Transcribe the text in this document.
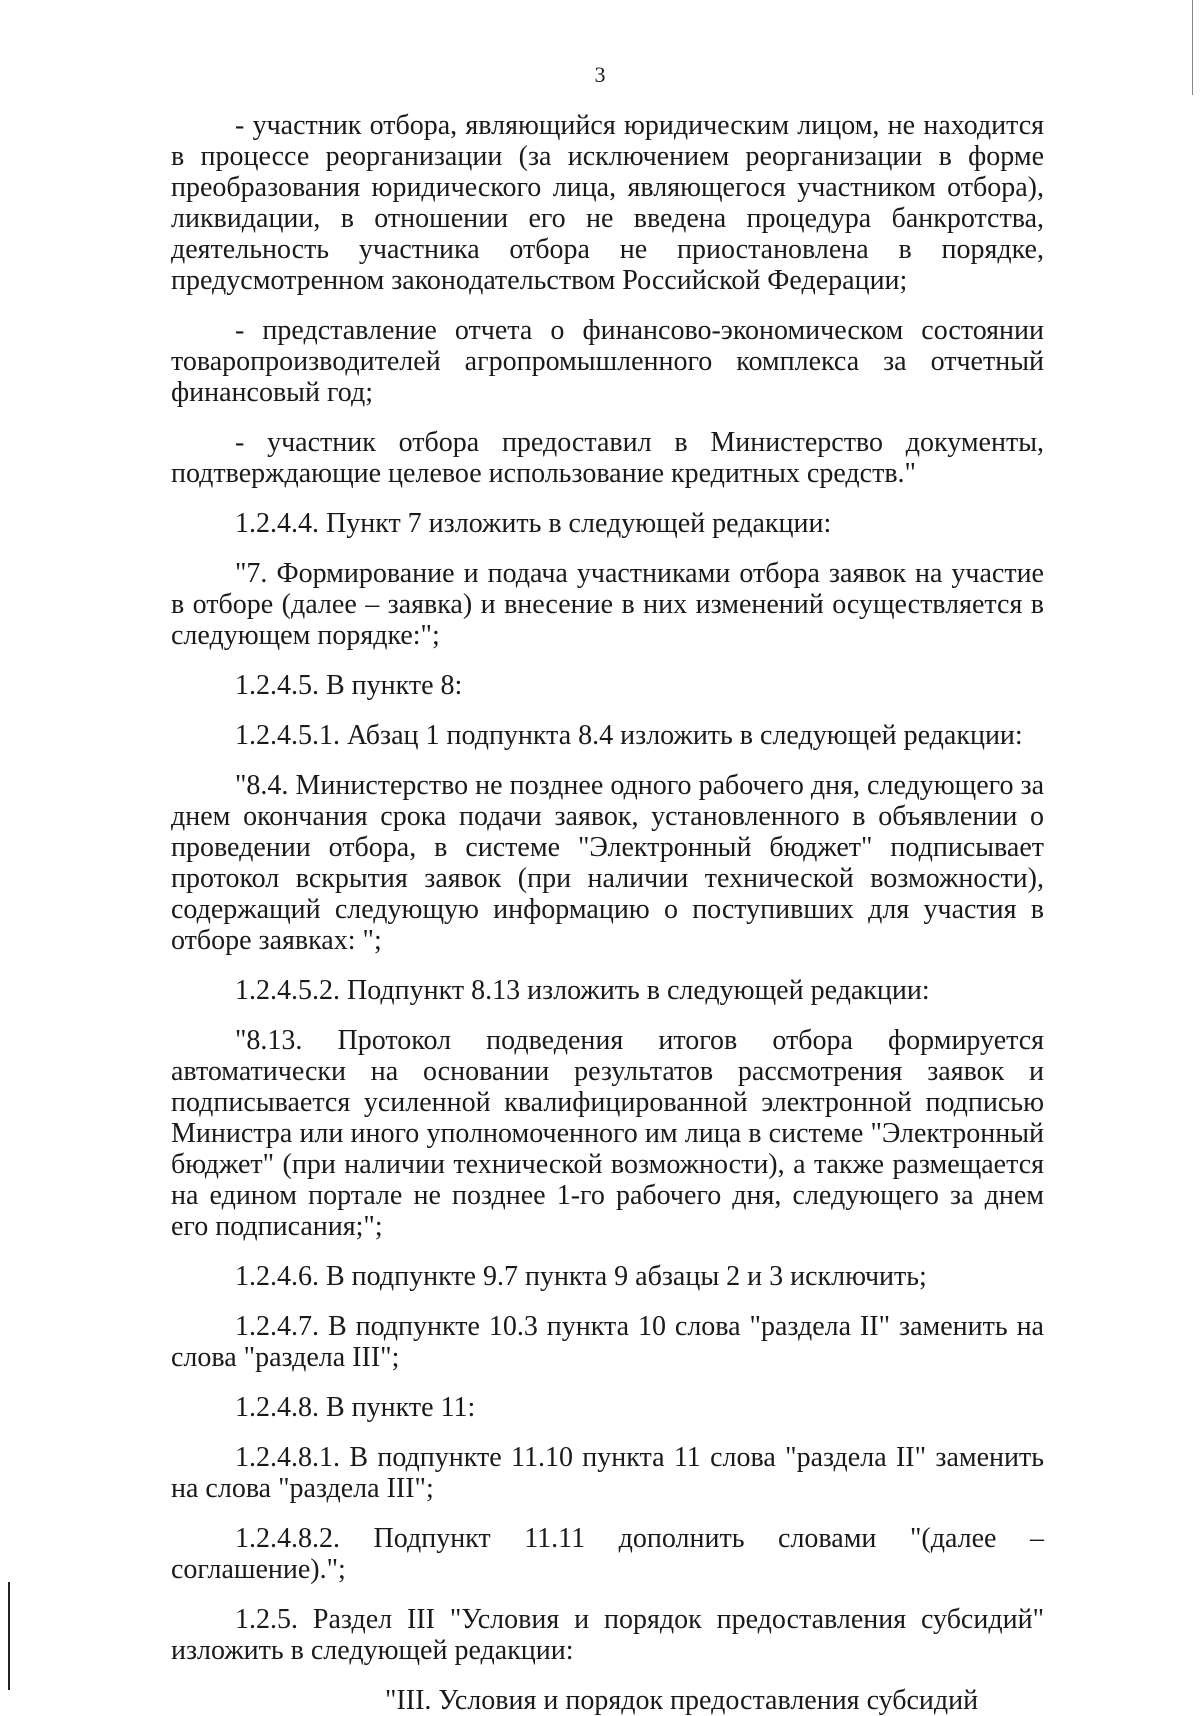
3

- участник отбора, являющийся юридическим лицом, не находится в процессе реорганизации (за исключением реорганизации в форме преобразования юридического лица, являющегося участником отбора), ликвидации, в отношении его не введена процедура банкротства, деятельность участника отбора не приостановлена в порядке, предусмотренном законодательством Российской Федерации;

- представление отчета о финансово-экономическом состоянии товаропроизводителей агропромышленного комплекса за отчетный финансовый год;

- участник отбора предоставил в Министерство документы, подтверждающие целевое использование кредитных средств."

1.2.4.4. Пункт 7 изложить в следующей редакции:

"7. Формирование и подача участниками отбора заявок на участие в отборе (далее – заявка) и внесение в них изменений осуществляется в следующем порядке:";

1.2.4.5. В пункте 8:

1.2.4.5.1. Абзац 1 подпункта 8.4 изложить в следующей редакции:

"8.4. Министерство не позднее одного рабочего дня, следующего за днем окончания срока подачи заявок, установленного в объявлении о проведении отбора, в системе "Электронный бюджет" подписывает протокол вскрытия заявок (при наличии технической возможности), содержащий следующую информацию о поступивших для участия в отборе заявках: ";

1.2.4.5.2. Подпункт 8.13 изложить в следующей редакции:

"8.13. Протокол подведения итогов отбора формируется автоматически на основании результатов рассмотрения заявок и подписывается усиленной квалифицированной электронной подписью Министра или иного уполномоченного им лица в системе "Электронный бюджет" (при наличии технической возможности), а также размещается на едином портале не позднее 1-го рабочего дня, следующего за днем его подписания;";

1.2.4.6. В подпункте 9.7 пункта 9 абзацы 2 и 3 исключить;

1.2.4.7. В подпункте 10.3 пункта 10 слова "раздела II" заменить на слова "раздела III";

1.2.4.8. В пункте 11:

1.2.4.8.1. В подпункте 11.10 пункта 11 слова "раздела II" заменить на слова "раздела III";

1.2.4.8.2. Подпункт 11.11 дополнить словами "(далее – соглашение).";

1.2.5. Раздел III "Условия и порядок предоставления субсидий" изложить в следующей редакции:

"III. Условия и порядок предоставления субсидий
